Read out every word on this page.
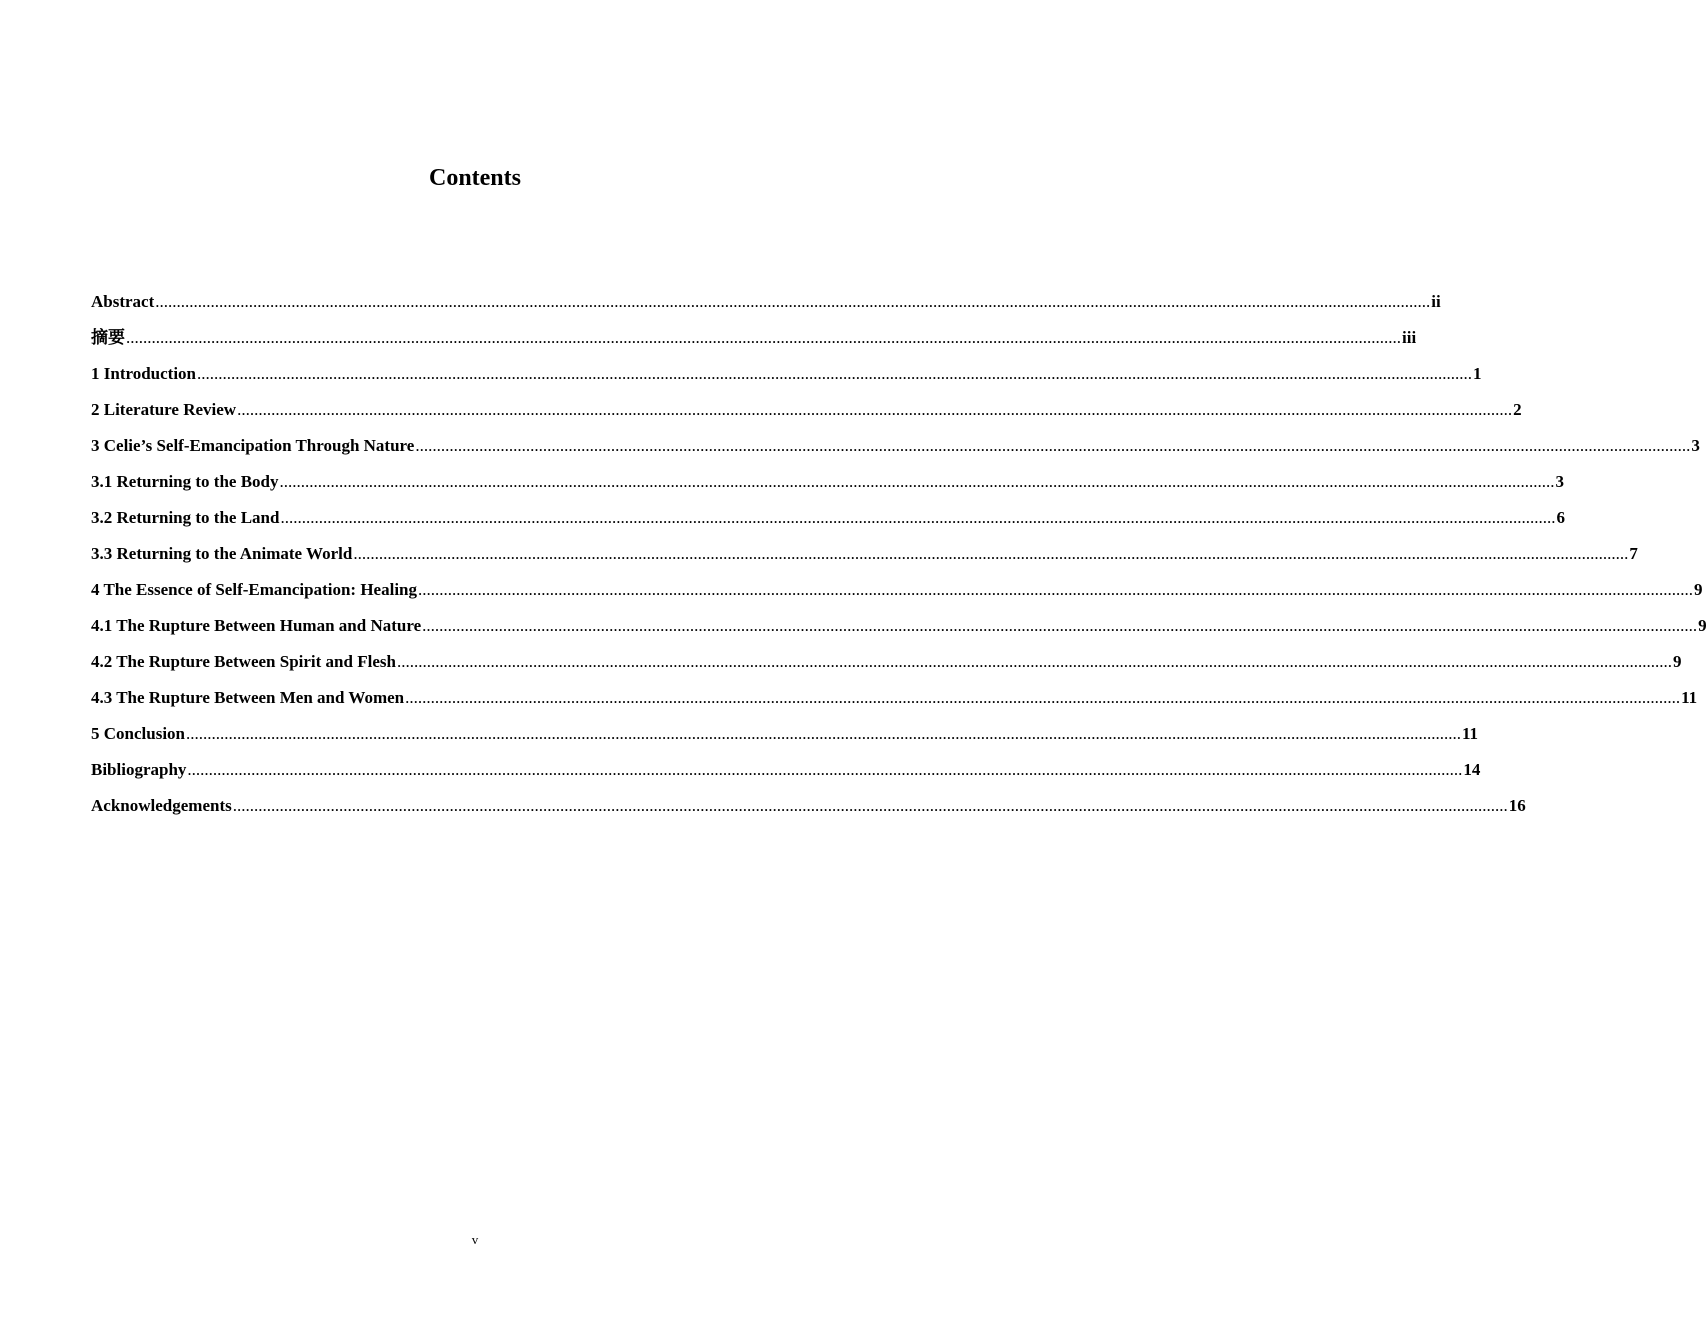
Contents
Abstract ............................................................................................................................................................................................................................................................................................................ ii
摘要 ............................................................................................................................................................................................................................................................................................................ iii
1 Introduction ............................................................................................................................................................................................................................................................................................................ 1
2 Literature Review ............................................................................................................................................................................................................................................................................................................ 2
3 Celie’s Self-Emancipation Through Nature ............................................................................................................................................................................................................................................................................................................ 3
3.1 Returning to the Body ............................................................................................................................................................................................................................................................................................................ 3
3.2 Returning to the Land ............................................................................................................................................................................................................................................................................................................ 6
3.3 Returning to the Animate World ............................................................................................................................................................................................................................................................................................................ 7
4 The Essence of Self-Emancipation: Healing ............................................................................................................................................................................................................................................................................................................ 9
4.1 The Rupture Between Human and Nature ............................................................................................................................................................................................................................................................................................................ 9
4.2 The Rupture Between Spirit and Flesh ............................................................................................................................................................................................................................................................................................................ 9
4.3 The Rupture Between Men and Women ............................................................................................................................................................................................................................................................................................................ 11
5 Conclusion ............................................................................................................................................................................................................................................................................................................ 11
Bibliography ............................................................................................................................................................................................................................................................................................................ 14
Acknowledgements ............................................................................................................................................................................................................................................................................................................ 16
v
